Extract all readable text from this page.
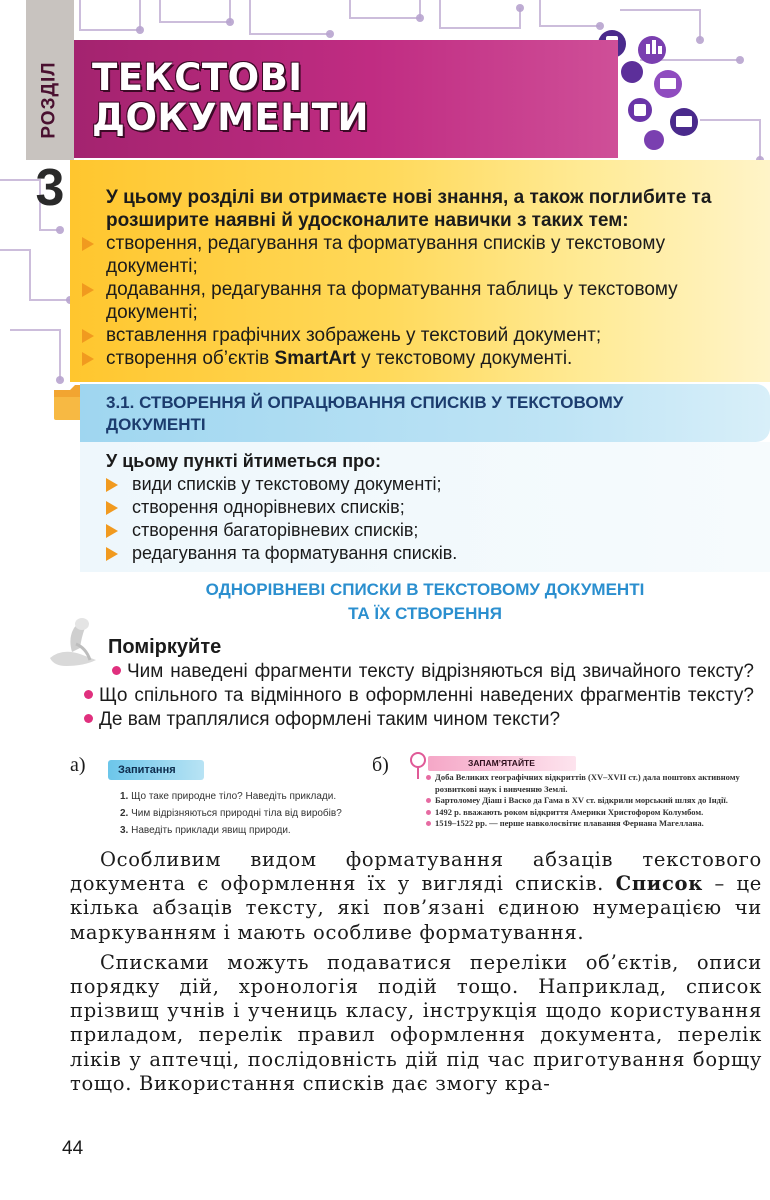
РОЗДІЛ
3
ТЕКСТОВІ
ДОКУМЕНТИ
У цьому розділі ви отримаєте нові знання, а також поглибите та розширите наявні й удосконалите навички з таких тем:
створення, редагування та форматування списків у текстовому документі;
додавання, редагування та форматування таблиць у текстовому документі;
вставлення графічних зображень у текстовий документ;
створення об’єктів SmartArt у текстовому документі.
3.1. СТВОРЕННЯ Й ОПРАЦЮВАННЯ СПИСКІВ У ТЕКСТОВОМУ ДОКУМЕНТІ
У цьому пункті йтиметься про:
види списків у текстовому документі;
створення однорівневих списків;
створення багаторівневих списків;
редагування та форматування списків.
ОДНОРІВНЕВІ СПИСКИ В ТЕКСТОВОМУ ДОКУМЕНТІ
ТА ЇХ СТВОРЕННЯ
Поміркуйте
Чим наведені фрагменти тексту відрізняються від звичайного тексту? Що спільного та відмінного в оформленні наведених фрагментів тексту? Де вам траплялися оформлені таким чином тексти?
а)	Запитання
1. Що таке природне тіло? Наведіть приклади.
2. Чим відрізняються природні тіла від виробів?
3. Наведіть приклади явищ природи.
б)	ЗАПАМ’ЯТАЙТЕ
Доба Великих географічних відкриттів (XV–XVII ст.) дала поштовх активному розвиткові наук і вивченню Землі.
Бартоломеу Діаш і Васко да Гама в XV ст. відкрили морський шлях до Індії.
1492 р. вважають роком відкриття Америки Христофором Колумбом.
1519–1522 рр. — перше навколосвітнє плавання Фернана Магеллана.

Особливим видом форматування абзаців текстового документа є оформлення їх у вигляді списків. Список – це кілька абзаців тексту, які пов’язані єдиною нумерацією чи маркуванням і мають особливе форматування.

Списками можуть подаватися переліки об’єктів, описи порядку дій, хронологія подій тощо. Наприклад, список прізвищ учнів і учениць класу, інструкція щодо користування приладом, перелік правил оформлення документа, перелік ліків у аптечці, послідовність дій під час приготування борщу тощо. Використання списків дає змогу кра-

44
